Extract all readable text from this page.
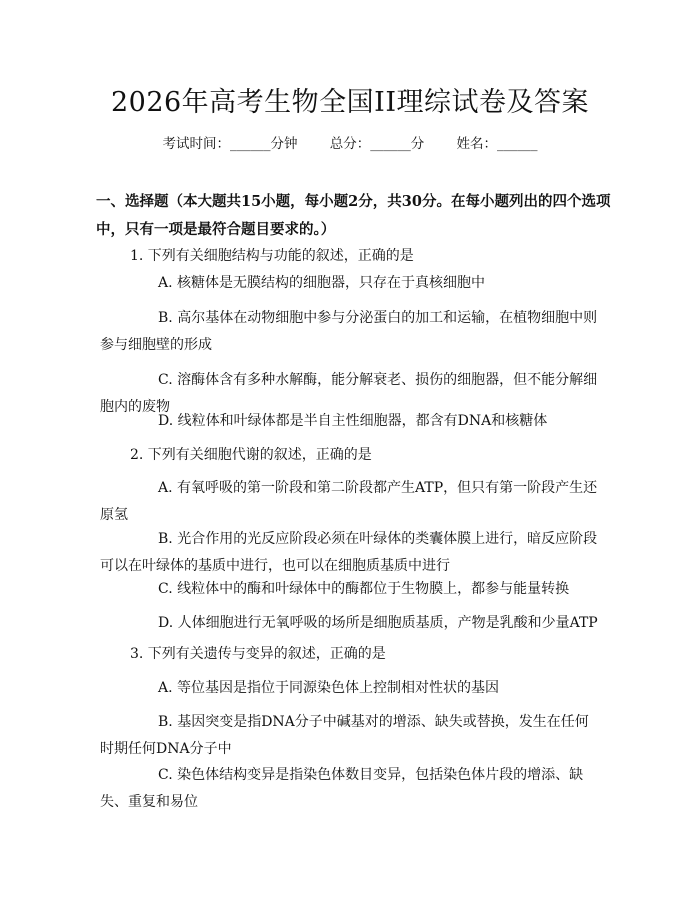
2026年高考生物全国II理综试卷及答案
考试时间：______分钟 总分：______分 姓名：______
一、选择题（本大题共15小题，每小题2分，共30分。在每小题列出的四个选项中，只有一项是最符合题目要求的。）
1. 下列有关细胞结构与功能的叙述，正确的是
A. 核糖体是无膜结构的细胞器，只存在于真核细胞中
B. 高尔基体在动物细胞中参与分泌蛋白的加工和运输，在植物细胞中则参与细胞壁的形成
C. 溶酶体含有多种水解酶，能分解衰老、损伤的细胞器，但不能分解细胞内的废物
D. 线粒体和叶绿体都是半自主性细胞器，都含有DNA和核糖体
2. 下列有关细胞代谢的叙述，正确的是
A. 有氧呼吸的第一阶段和第二阶段都产生ATP，但只有第一阶段产生还原氢
B. 光合作用的光反应阶段必须在叶绿体的类囊体膜上进行，暗反应阶段可以在叶绿体的基质中进行，也可以在细胞质基质中进行
C. 线粒体中的酶和叶绿体中的酶都位于生物膜上，都参与能量转换
D. 人体细胞进行无氧呼吸的场所是细胞质基质，产物是乳酸和少量ATP
3. 下列有关遗传与变异的叙述，正确的是
A. 等位基因是指位于同源染色体上控制相对性状的基因
B. 基因突变是指DNA分子中碱基对的增添、缺失或替换，发生在任何时期任何DNA分子中
C. 染色体结构变异是指染色体数目变异，包括染色体片段的增添、缺失、重复和易位
